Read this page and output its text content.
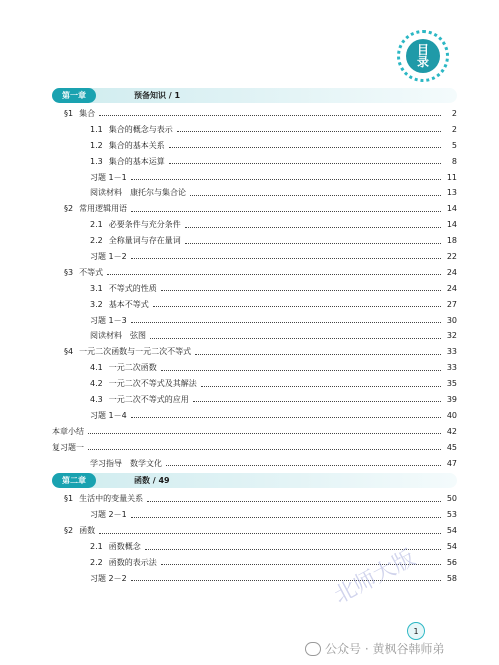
目
录
第一章	预备知识 / 1
§1 集合	2
1.1 集合的概念与表示	2
1.2 集合的基本关系	5
1.3 集合的基本运算	8
习题 1－1	11
阅读材料　康托尔与集合论	13
§2 常用逻辑用语	14
2.1 必要条件与充分条件	14
2.2 全称量词与存在量词	18
习题 1－2	22
§3 不等式	24
3.1 不等式的性质	24
3.2 基本不等式	27
习题 1－3	30
阅读材料　弦图	32
§4 一元二次函数与一元二次不等式	33
4.1 一元二次函数	33
4.2 一元二次不等式及其解法	35
4.3 一元二次不等式的应用	39
习题 1－4	40
本章小结	42
复习题一	45
学习指导　数学文化	47
第二章	函数 / 49
§1 生活中的变量关系	50
习题 2－1	53
§2 函数	54
2.1 函数概念	54
2.2 函数的表示法	56
习题 2－2	58
北师大版
1
公众号 · 黄枫谷韩师弟
